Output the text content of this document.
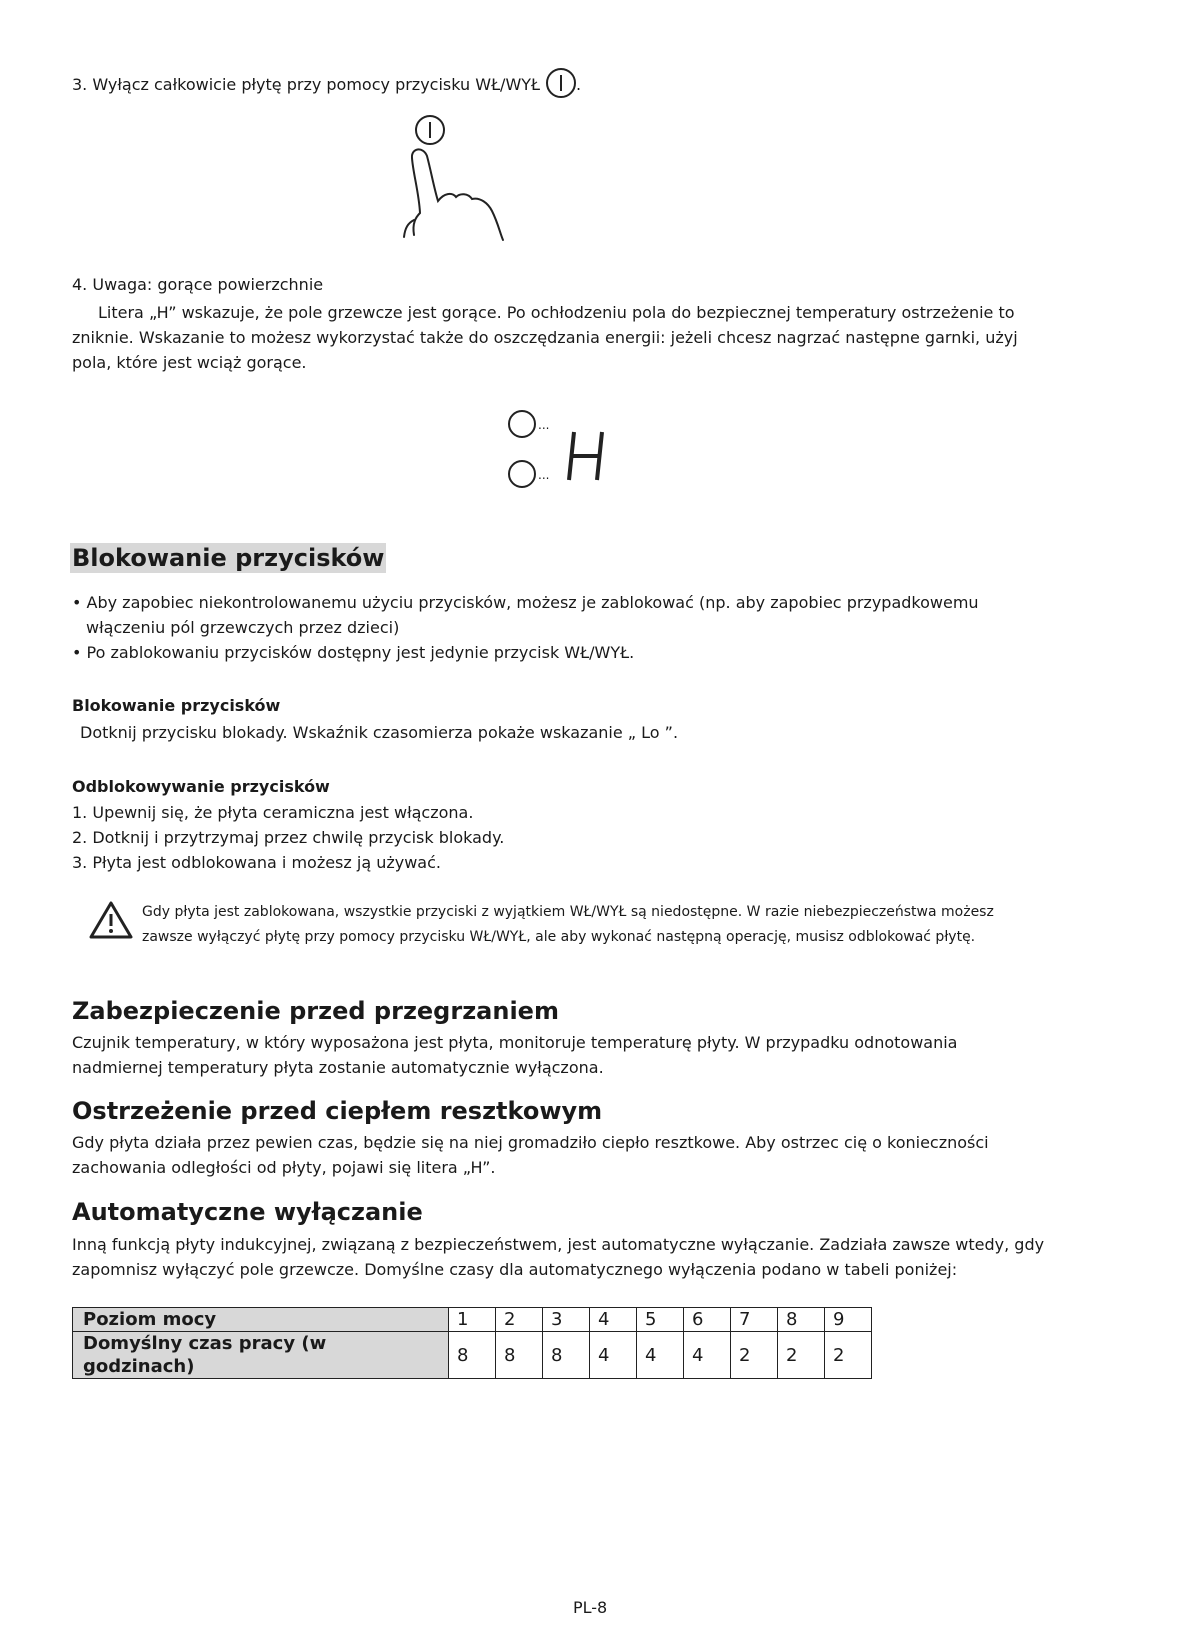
3. Wyłącz całkowicie płytę przy pomocy przycisku WŁ/WYŁ .
4. Uwaga: gorące powierzchnie
Litera „H” wskazuje, że pole grzewcze jest gorące. Po ochłodzeniu pola do bezpiecznej temperatury ostrzeżenie to
zniknie. Wskazanie to możesz wykorzystać także do oszczędzania energii: jeżeli chcesz nagrzać następne garnki, użyj
pola, które jest wciąż gorące.
...
...
Blokowanie przycisków
• Aby zapobiec niekontrolowanemu użyciu przycisków, możesz je zablokować (np. aby zapobiec przypadkowemu
włączeniu pól grzewczych przez dzieci)
• Po zablokowaniu przycisków dostępny jest jedynie przycisk WŁ/WYŁ.
Blokowanie przycisków
Dotknij przycisku blokady. Wskaźnik czasomierza pokaże wskazanie „ Lo ”.
Odblokowywanie przycisków
1. Upewnij się, że płyta ceramiczna jest włączona.
2. Dotknij i przytrzymaj przez chwilę przycisk blokady.
3. Płyta jest odblokowana i możesz ją używać.
Gdy płyta jest zablokowana, wszystkie przyciski z wyjątkiem WŁ/WYŁ są niedostępne. W razie niebezpieczeństwa możesz
zawsze wyłączyć płytę przy pomocy przycisku WŁ/WYŁ, ale aby wykonać następną operację, musisz odblokować płytę.
Zabezpieczenie przed przegrzaniem
Czujnik temperatury, w który wyposażona jest płyta, monitoruje temperaturę płyty. W przypadku odnotowania
nadmiernej temperatury płyta zostanie automatycznie wyłączona.
Ostrzeżenie przed ciepłem resztkowym
Gdy płyta działa przez pewien czas, będzie się na niej gromadziło ciepło resztkowe. Aby ostrzec cię o konieczności
zachowania odległości od płyty, pojawi się litera „H”.
Automatyczne wyłączanie
Inną funkcją płyty indukcyjnej, związaną z bezpieczeństwem, jest automatyczne wyłączanie. Zadziała zawsze wtedy, gdy
zapomnisz wyłączyć pole grzewcze. Domyślne czasy dla automatycznego wyłączenia podano w tabeli poniżej:
Poziom mocy	1	2	3	4	5	6	7	8	9
Domyślny czas pracy (w godzinach)	8	8	8	4	4	4	2	2	2
PL-8
